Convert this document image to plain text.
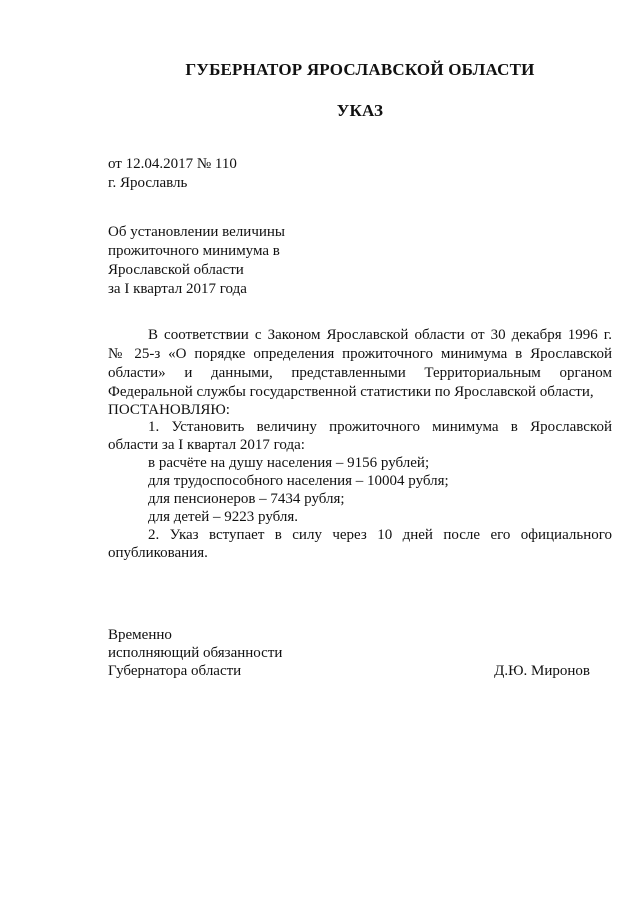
ГУБЕРНАТОР ЯРОСЛАВСКОЙ ОБЛАСТИ
УКАЗ
от 12.04.2017 № 110
г. Ярославль
Об установлении величины
прожиточного минимума в
Ярославской области
за I квартал 2017 года
В соответствии с Законом Ярославской области от 30 декабря 1996 г.
№ 25-з «О порядке определения прожиточного минимума в Ярославской
области» и данными, представленными Территориальным органом
Федеральной службы государственной статистики по Ярославской области,
ПОСТАНОВЛЯЮ:
1. Установить величину прожиточного минимума в Ярославской
области за I квартал 2017 года:
в расчёте на душу населения – 9156 рублей;
для трудоспособного населения – 10004 рубля;
для пенсионеров – 7434 рубля;
для детей – 9223 рубля.
2. Указ вступает в силу через 10 дней после его официального
опубликования.
Временно
исполняющий обязанности
Губернатора области	Д.Ю. Миронов
